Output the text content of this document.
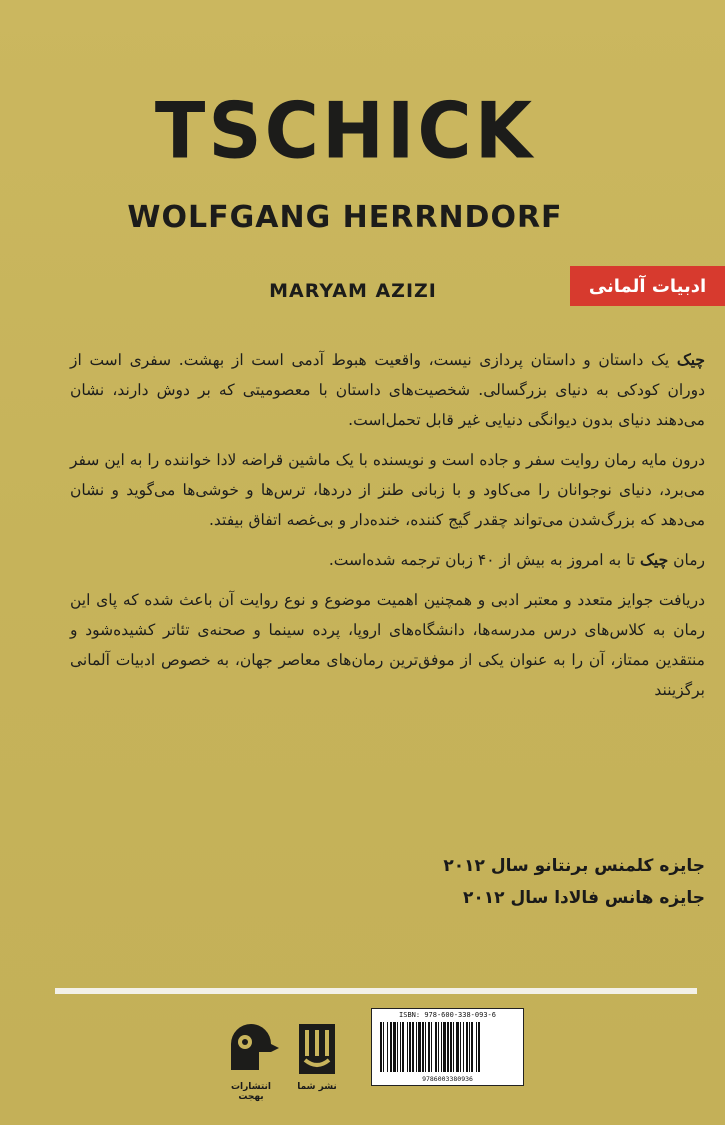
TSCHICK
WOLFGANG HERRNDORF
MARYAM AZIZI	ادبیات آلمانی

چیک یک داستان و داستان پردازی نیست، واقعیت هبوط آدمی است از بهشت. سفری است از دوران کودکی به دنیای بزرگسالی. شخصیت‌های داستان با معصومیتی که بر دوش دارند، نشان می‌دهند دنیای بدون دیوانگی دنیایی غیر قابل تحمل‌است.

درون مایه رمان روایت سفر و جاده است و نویسنده با یک ماشین قراضه لادا خواننده را به این سفر می‌برد، دنیای نوجوانان را می‌کاود و با زبانی طنز از دردها، ترس‌ها و خوشی‌ها می‌گوید و نشان می‌دهد که بزرگ‌شدن می‌تواند چقدر گیج کننده، خنده‌دار و بی‌غصه اتفاق بیفتد.

رمان چیک تا به امروز به بیش از ۴۰ زبان ترجمه شده‌است.

دریافت جوایز متعدد و معتبر ادبی و همچنین اهمیت موضوع و نوع روایت آن باعث شده که پای این رمان به کلاس‌های درس مدرسه‌ها، دانشگاه‌های اروپا، پرده سینما و صحنه‌ی تئاتر کشیده‌شود و منتقدین ممتاز، آن را به عنوان یکی از موفق‌ترین رمان‌های معاصر جهان، به خصوص ادبیات آلمانی برگزینند

جایزه کلمنس برنتانو سال ۲۰۱۲
جایزه هانس فالادا سال ۲۰۱۲
انتشارات بهجت
نشر شما
ISBN: 978-600-338-093-6
9786003380936
